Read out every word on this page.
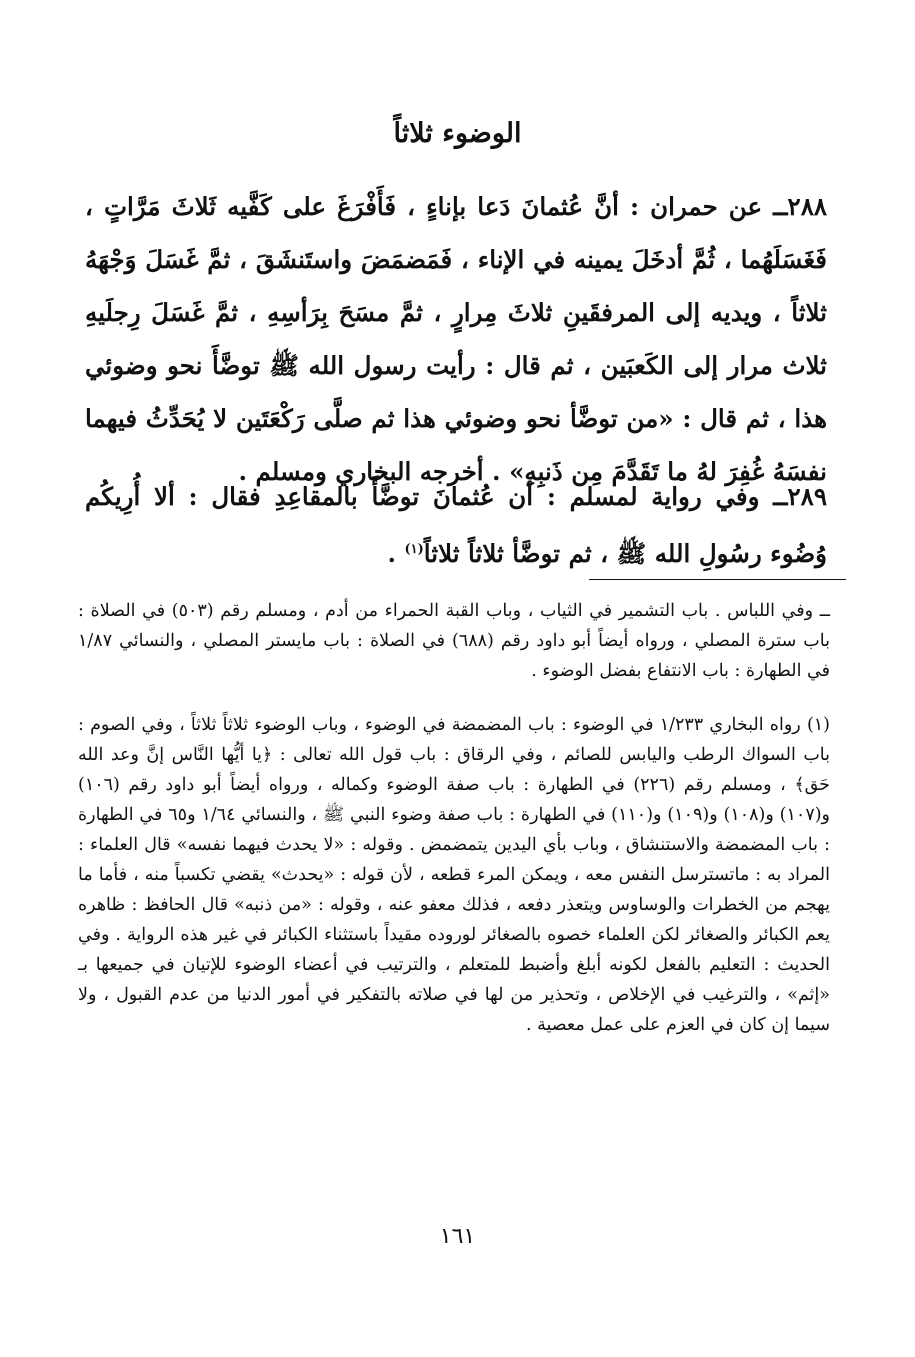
الوضوء ثلاثاً

٢٨٨ــ عن حمران : أنَّ عُثمانَ دَعا بإناءٍ ، فَأَفْرَغَ على كَفَّيه ثَلاثَ مَرَّاتٍ ، فَغَسَلَهُما ، ثُمَّ أدخَلَ يمينه في الإناء ، فَمَضمَضَ واستَنشَقَ ، ثمَّ غَسَلَ وَجْهَهُ ثلاثاً ، ويديه إلى المرفقَينِ ثلاثَ مِرارٍ ، ثمَّ مسَحَ بِرَأسِهِ ، ثمَّ غَسَلَ رِجلَيهِ ثلاث مرار إلى الكَعبَين ، ثم قال : رأيت رسول الله ﷺ توضَّأَ نحو وضوئي هذا ، ثم قال : «من توضَّأ نحو وضوئي هذا ثم صلَّى رَكْعَتَين لا يُحَدِّثُ فيهما نفسَهُ غُفِرَ لهُ ما تَقَدَّمَ مِن ذَنبِهِ» . أخرجه البخاري ومسلم .

٢٨٩ــ وفي رواية لمسلم : أن عُثمانَ توضَّأَ بالمقاعِدِ فقال : ألا أُرِيكُم وُضُوء رسُولِ الله ﷺ ، ثم توضَّأ ثلاثاً ثلاثاً$^{(١)}$ .

ــ وفي اللباس . باب التشمير في الثياب ، وباب القبة الحمراء من أدم ، ومسلم رقم (٥٠٣) في الصلاة : باب سترة المصلي ، ورواه أيضاً أبو داود رقم (٦٨٨) في الصلاة : باب مايستر المصلي ، والنسائي ١/٨٧ في الطهارة : باب الانتفاع بفضل الوضوء .

(١) رواه البخاري ١/٢٣٣ في الوضوء : باب المضمضة في الوضوء ، وباب الوضوء ثلاثاً ثلاثاً ، وفي الصوم : باب السواك الرطب واليابس للصائم ، وفي الرقاق : باب قول الله تعالى : ﴿يا أيُّها النَّاس إنَّ وعد الله حَق﴾ ، ومسلم رقم (٢٢٦) في الطهارة : باب صفة الوضوء وكماله ، ورواه أيضاً أبو داود رقم (١٠٦) و(١٠٧) و(١٠٨) و(١٠٩) و(١١٠) في الطهارة : باب صفة وضوء النبي ﷺ ، والنسائي ١/٦٤ و٦٥ في الطهارة : باب المضمضة والاستنشاق ، وباب بأي اليدين يتمضمض . وقوله : «لا يحدث فيهما نفسه» قال العلماء : المراد به : ماتسترسل النفس معه ، ويمكن المرء قطعه ، لأن قوله : «يحدث» يقضي تكسباً منه ، فأما ما يهجم من الخطرات والوساوس ويتعذر دفعه ، فذلك معفو عنه ، وقوله : «من ذنبه» قال الحافظ : ظاهره يعم الكبائر والصغائر لكن العلماء خصوه بالصغائر لوروده مقيداً باستثناء الكبائر في غير هذه الرواية . وفي الحديث : التعليم بالفعل لكونه أبلغ وأضبط للمتعلم ، والترتيب في أعضاء الوضوء للإتيان في جميعها بـ «إثم» ، والترغيب في الإخلاص ، وتحذير من لها في صلاته بالتفكير في أمور الدنيا من عدم القبول ، ولا سيما إن كان في العزم على عمل معصية .

١٦١
